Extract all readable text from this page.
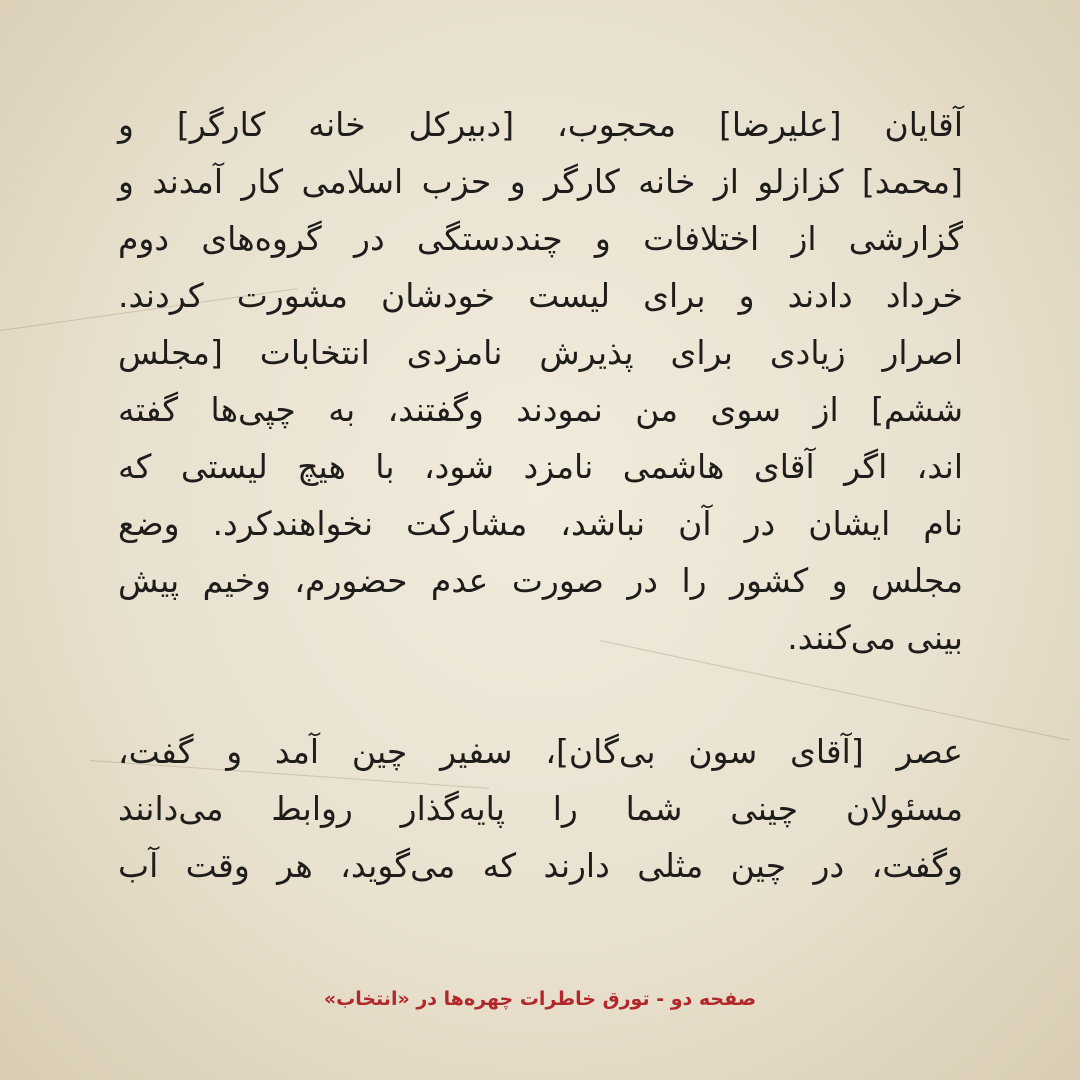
آقایان [علیرضا] محجوب، [دبیرکل خانه کارگر] و
[محمد] کزازلو از خانه کارگر و حزب اسلامی کار آمدند و
گزارشی از اختلافات و چنددستگی در گروه‌های دوم
خرداد دادند و برای لیست خودشان مشورت کردند.
اصرار زیادی برای پذیرش نامزدی انتخابات [مجلس
ششم] از سوی من نمودند وگفتند، به چپی‌ها گفته
اند، اگر آقای هاشمی نامزد شود، با هیچ لیستی که
نام ایشان در آن نباشد، مشارکت نخواهندکرد. وضع
مجلس و کشور را در صورت عدم حضورم، وخیم پیش
بینی می‌کنند.
عصر [آقای سون بی‌گان]، سفیر چین آمد و گفت،
مسئولان چینی شما را پایه‌گذار روابط می‌دانند
وگفت، در چین مثلی دارند که می‌گوید، هر وقت آب
صفحه دو - تورق خاطرات چهره‌ها در «انتخاب»
